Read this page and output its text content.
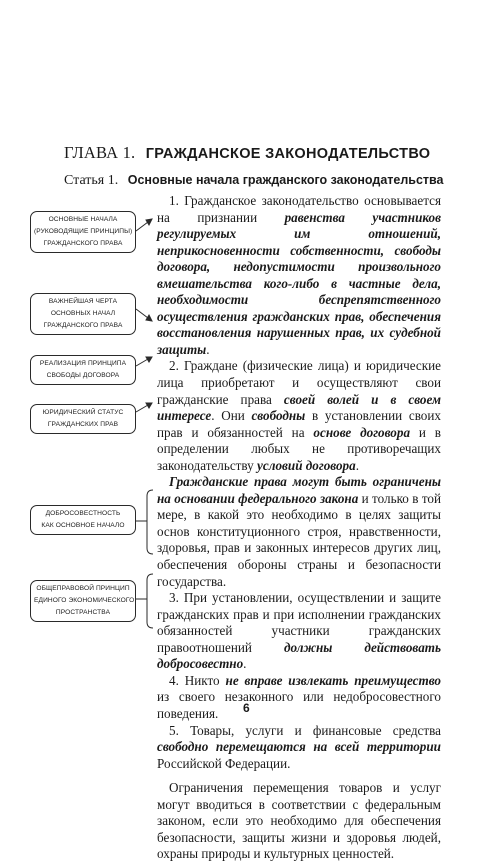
ГЛАВА 1. ГРАЖДАНСКОЕ ЗАКОНОДАТЕЛЬСТВО
Статья 1. Основные начала гражданского законодательства
ОСНОВНЫЕ НАЧАЛА
(РУКОВОДЯЩИЕ ПРИНЦИПЫ)
ГРАЖДАНСКОГО ПРАВА
ВАЖНЕЙШАЯ ЧЕРТА
ОСНОВНЫХ НАЧАЛ
ГРАЖДАНСКОГО ПРАВА
РЕАЛИЗАЦИЯ ПРИНЦИПА
СВОБОДЫ ДОГОВОРА
ЮРИДИЧЕСКИЙ СТАТУС
ГРАЖДАНСКИХ ПРАВ
ДОБРОСОВЕСТНОСТЬ
КАК ОСНОВНОЕ НАЧАЛО
ОБЩЕПРАВОВОЙ ПРИНЦИП
ЕДИНОГО ЭКОНОМИЧЕСКОГО
ПРОСТРАНСТВА

1. Гражданское законодательство основывается на признании равенства участников регулируемых им отношений, неприкосновенности собственности, свободы договора, недопустимости произвольного вмешательства кого-либо в частные дела, необходимости беспрепятственного осуществления гражданских прав, обеспечения восстановления нарушенных прав, их судебной защиты.

2. Граждане (физические лица) и юридические лица приобретают и осуществляют свои гражданские права своей волей и в своем интересе. Они свободны в установлении своих прав и обязанностей на основе договора и в определении любых не противоречащих законодательству условий договора.

Гражданские права могут быть ограничены на основании федерального закона и только в той мере, в какой это необходимо в целях защиты основ конституционного строя, нравственности, здоровья, прав и законных интересов других лиц, обеспечения обороны страны и безопасности государства.

3. При установлении, осуществлении и защите гражданских прав и при исполнении гражданских обязанностей участники гражданских правоотношений должны действовать добросовестно.

4. Никто не вправе извлекать преимущество из своего незаконного или недобросовестного поведения.

5. Товары, услуги и финансовые средства свободно перемещаются на всей территории Российской Федерации.

Ограничения перемещения товаров и услуг могут вводиться в соответствии с федеральным законом, если это необходимо для обеспечения безопасности, защиты жизни и здоровья людей, охраны природы и культурных ценностей.

6
